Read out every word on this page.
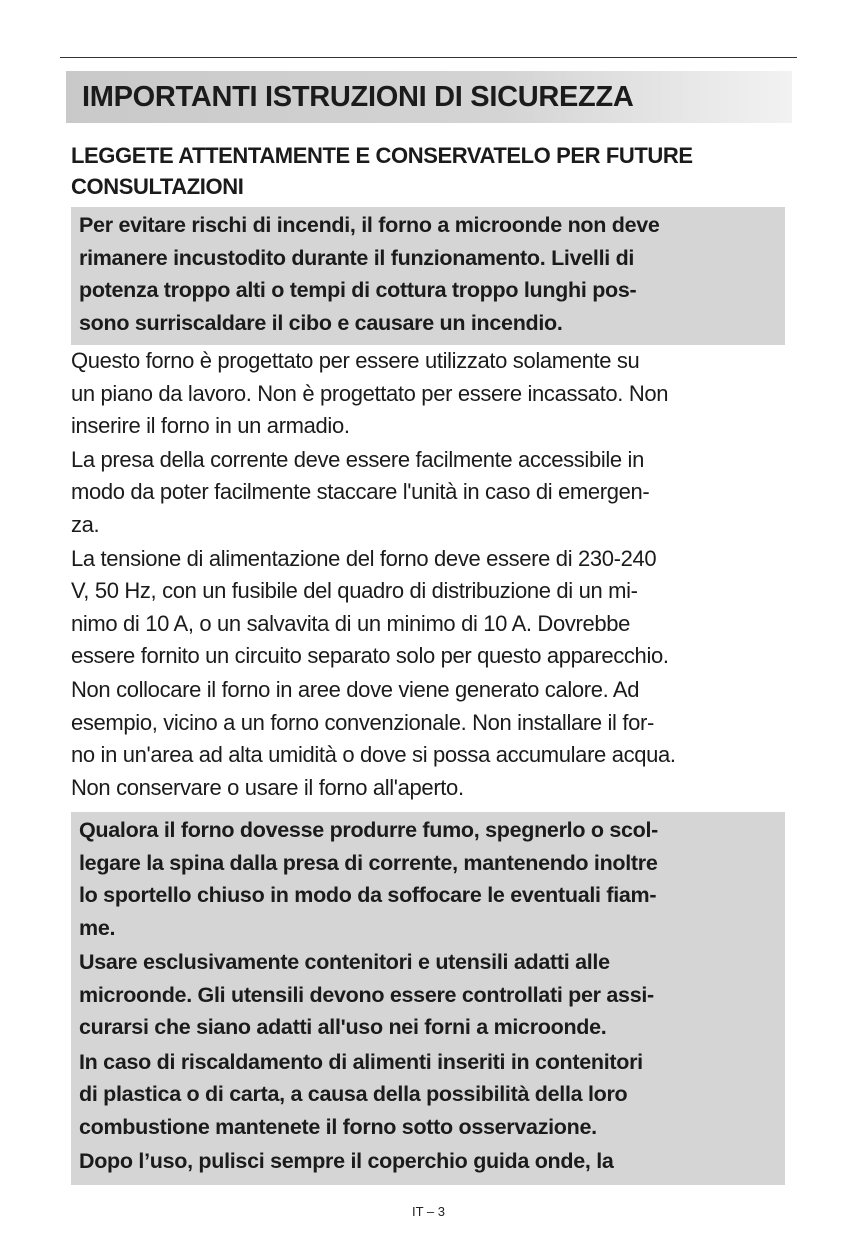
IMPORTANTI ISTRUZIONI DI SICUREZZA
LEGGETE ATTENTAMENTE E CONSERVATELO PER FUTURE
CONSULTAZIONI

Per evitare rischi di incendi, il forno a microonde non deve
rimanere incustodito durante il funzionamento. Livelli di
potenza troppo alti o tempi di cottura troppo lunghi pos-
sono surriscaldare il cibo e causare un incendio.

Questo forno è progettato per essere utilizzato solamente su
un piano da lavoro. Non è progettato per essere incassato. Non
inserire il forno in un armadio.

La presa della corrente deve essere facilmente accessibile in
modo da poter facilmente staccare l'unità in caso di emergen-
za.

La tensione di alimentazione del forno deve essere di 230-240
V, 50 Hz, con un fusibile del quadro di distribuzione di un mi-
nimo di 10 A, o un salvavita di un minimo di 10 A. Dovrebbe
essere fornito un circuito separato solo per questo apparecchio.

Non collocare il forno in aree dove viene generato calore. Ad
esempio, vicino a un forno convenzionale. Non installare il for-
no in un'area ad alta umidità o dove si possa accumulare acqua.
Non conservare o usare il forno all'aperto.

Qualora il forno dovesse produrre fumo, spegnerlo o scol-
legare la spina dalla presa di corrente, mantenendo inoltre
lo sportello chiuso in modo da soffocare le eventuali fiam-
me.

Usare esclusivamente contenitori e utensili adatti alle
microonde. Gli utensili devono essere controllati per assi-
curarsi che siano adatti all'uso nei forni a microonde.

In caso di riscaldamento di alimenti inseriti in contenitori
di plastica o di carta, a causa della possibilità della loro
combustione mantenete il forno sotto osservazione.

Dopo l’uso, pulisci sempre il coperchio guida onde, la

IT – 3
